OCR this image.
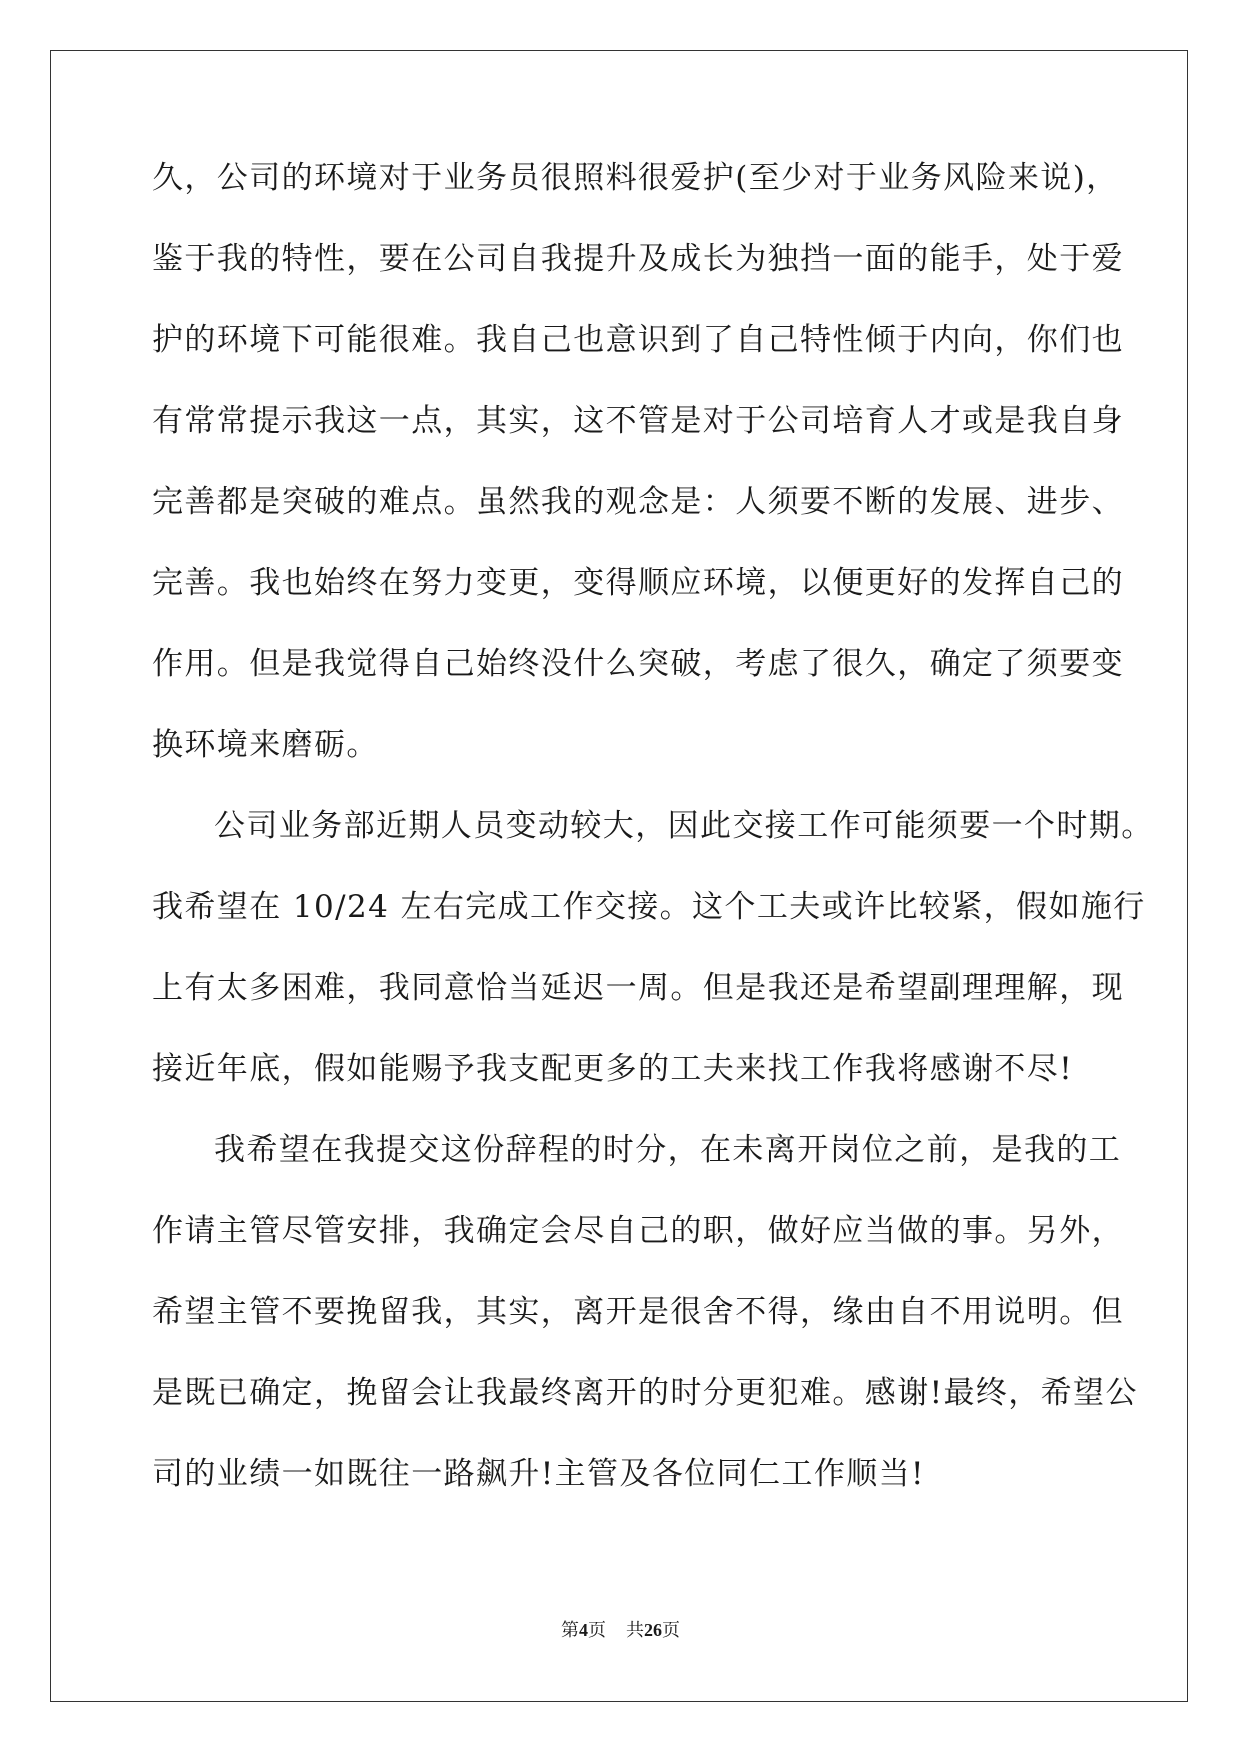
久，公司的环境对于业务员很照料很爱护(至少对于业务风险来说)，
鉴于我的特性，要在公司自我提升及成长为独挡一面的能手，处于爱
护的环境下可能很难。我自己也意识到了自己特性倾于内向，你们也
有常常提示我这一点，其实，这不管是对于公司培育人才或是我自身
完善都是突破的难点。虽然我的观念是：人须要不断的发展、进步、
完善。我也始终在努力变更，变得顺应环境，以便更好的发挥自己的
作用。但是我觉得自己始终没什么突破，考虑了很久，确定了须要变
换环境来磨砺。
公司业务部近期人员变动较大，因此交接工作可能须要一个时期。
我希望在 10/24 左右完成工作交接。这个工夫或许比较紧，假如施行
上有太多困难，我同意恰当延迟一周。但是我还是希望副理理解，现
接近年底，假如能赐予我支配更多的工夫来找工作我将感谢不尽!
我希望在我提交这份辞程的时分，在未离开岗位之前，是我的工
作请主管尽管安排，我确定会尽自己的职，做好应当做的事。另外，
希望主管不要挽留我，其实，离开是很舍不得，缘由自不用说明。但
是既已确定，挽留会让我最终离开的时分更犯难。感谢!最终，希望公
司的业绩一如既往一路飙升!主管及各位同仁工作顺当!
第4页 共26页
